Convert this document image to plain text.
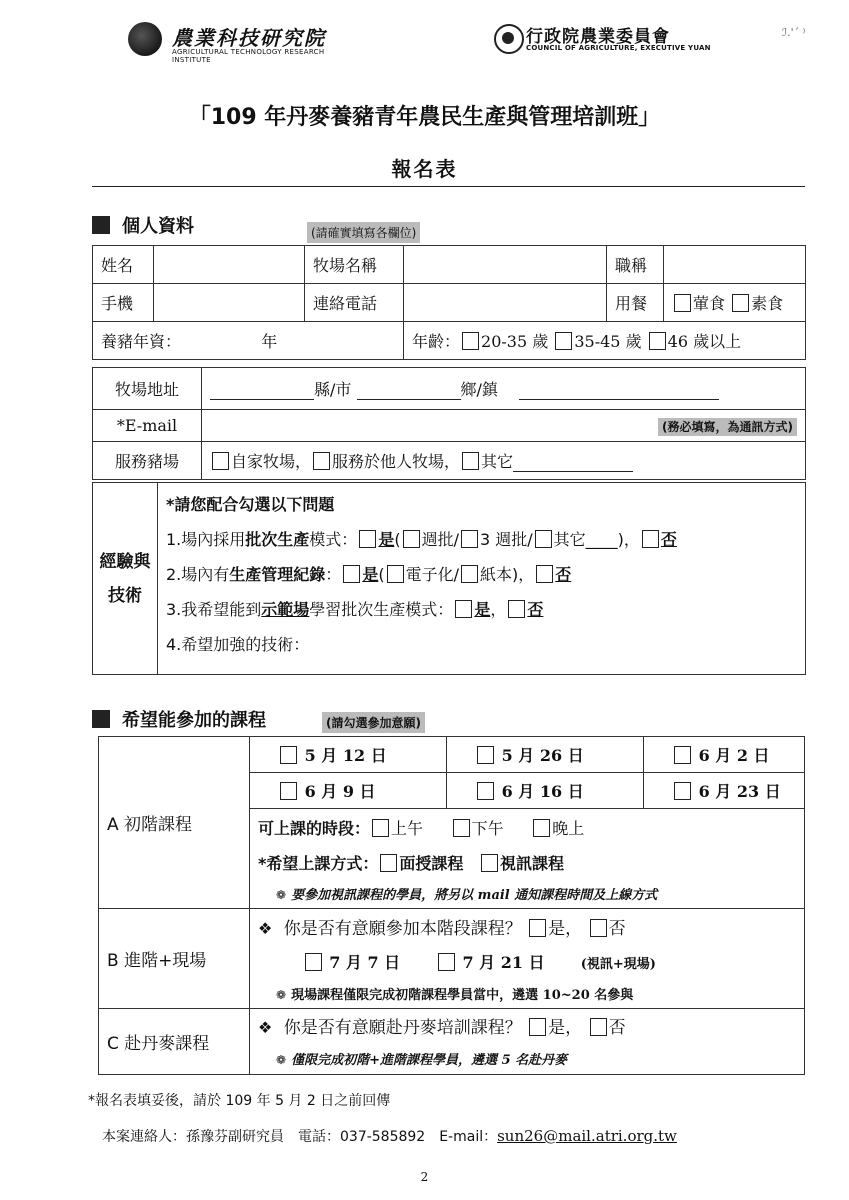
農業科技研究院
AGRICULTURAL TECHNOLOGY RESEARCH INSTITUTE
行政院農業委員會
COUNCIL OF AGRICULTURE, EXECUTIVE YUAN
ℐ.'´ ⁾
「109 年丹麥養豬青年農民生產與管理培訓班」
報名表
個人資料	(請確實填寫各欄位)
姓名		牧場名稱		職稱	
手機		連絡電話		用餐	葷食 素食
養豬年資： 年			年齡： 20-35 歲 35-45 歲 46 歲以上		
牧場地址	縣/市 鄉/鎮
*E-mail	(務必填寫，為通訊方式)
服務豬場	自家牧場， 服務於他人牧場， 其它
經驗與
技術

*請您配合勾選以下問題
1.場內採用批次生產模式： 是( 週批/ 3 週批/ 其它____)， 否
2.場內有生產管理紀錄： 是( 電子化/ 紙本)， 否
3.我希望能到示範場學習批次生產模式： 是， 否
4.希望加強的技術：
希望能參加的課程	(請勾選參加意願)
A 初階課程	5 月 12 日	5 月 26 日	6 月 2 日
	6 月 9 日	6 月 16 日	6 月 23 日
	可上課的時段： 上午 下午 晚上		
	*希望上課方式： 面授課程 視訊課程		
	❁ 要參加視訊課程的學員，將另以 mail 通知課程時間及上線方式		
B 進階+現場	❖ 你是否有意願參加本階段課程？ 是， 否		
	7 月 7 日 7 月 21 日 (視訊+現場)		
	❁ 現場課程僅限完成初階課程學員當中，遴選 10~20 名參與		
C 赴丹麥課程	❖ 你是否有意願赴丹麥培訓課程？ 是， 否		
	❁ 僅限完成初階+進階課程學員，遴選 5 名赴丹麥		
*報名表填妥後，請於 109 年 5 月 2 日之前回傳
本案連絡人：孫豫芬副研究員　電話：037-585892　E-mail：sun26@mail.atri.org.tw
2
